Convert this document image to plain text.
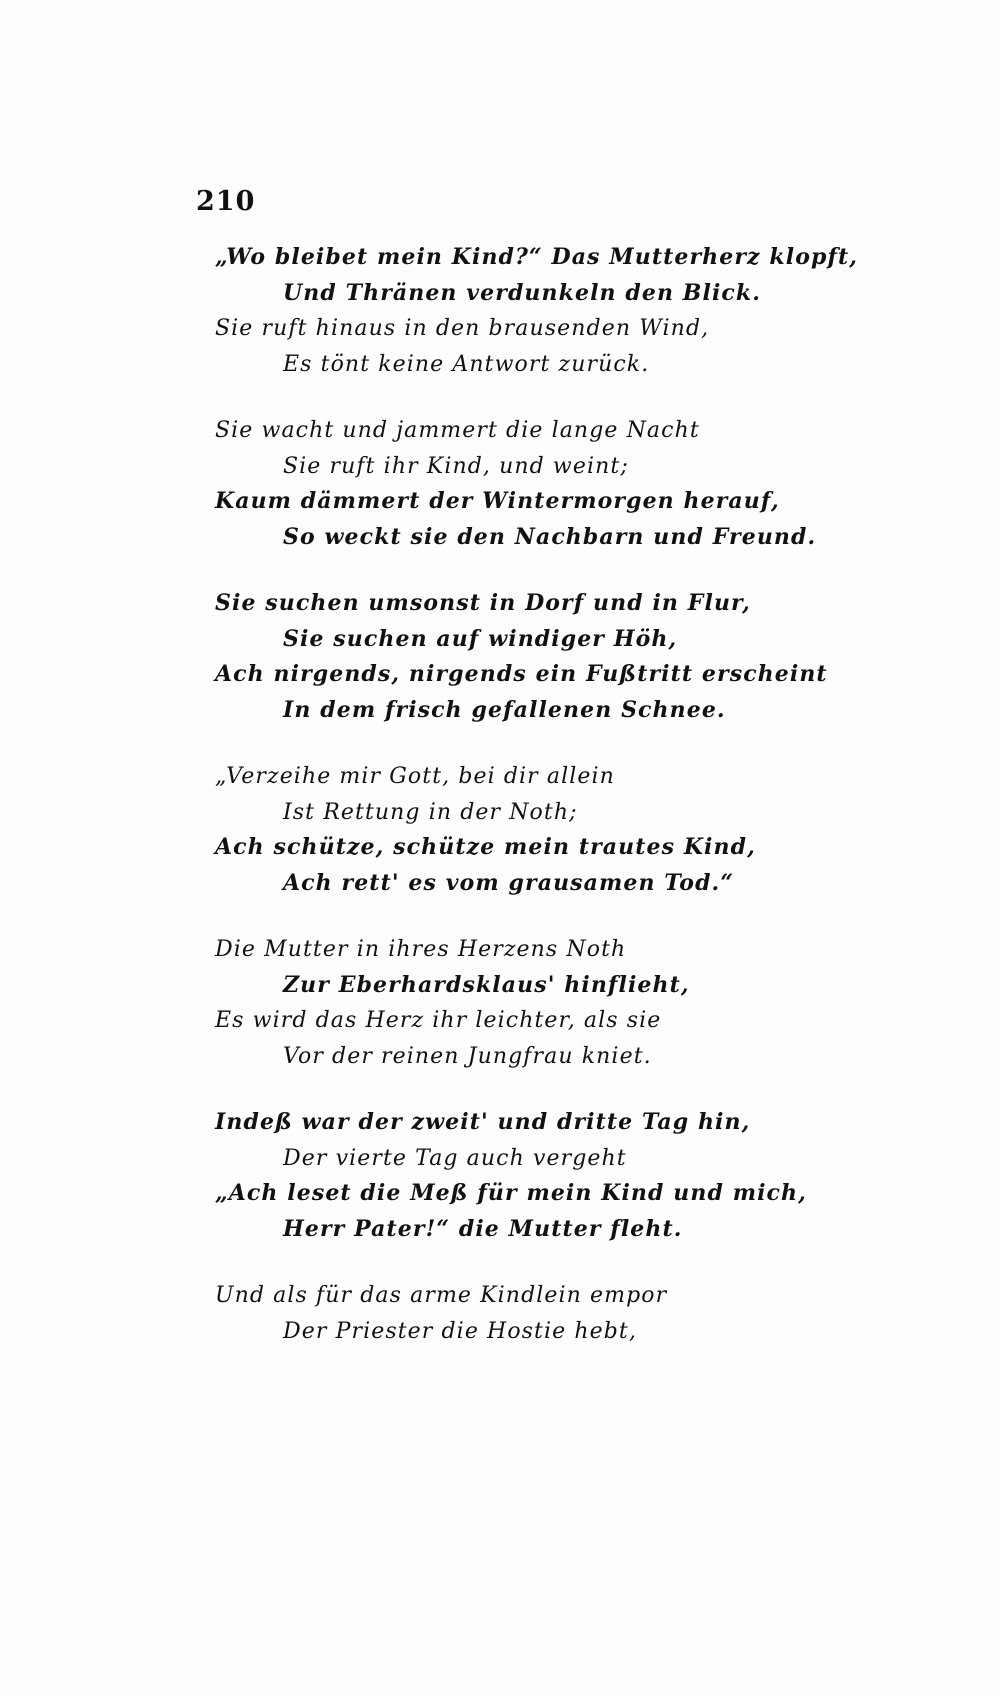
210
„Wo bleibet mein Kind?“ Das Mutterherz klopft,
Und Thränen verdunkeln den Blick.
Sie ruft hinaus in den brausenden Wind,
Es tönt keine Antwort zurück.
Sie wacht und jammert die lange Nacht
Sie ruft ihr Kind, und weint;
Kaum dämmert der Wintermorgen herauf,
So weckt sie den Nachbarn und Freund.
Sie suchen umsonst in Dorf und in Flur,
Sie suchen auf windiger Höh,
Ach nirgends, nirgends ein Fußtritt erscheint
In dem frisch gefallenen Schnee.
„Verzeihe mir Gott, bei dir allein
Ist Rettung in der Noth;
Ach schütze, schütze mein trautes Kind,
Ach rett' es vom grausamen Tod.“
Die Mutter in ihres Herzens Noth
Zur Eberhardsklaus' hinflieht,
Es wird das Herz ihr leichter, als sie
Vor der reinen Jungfrau kniet.
Indeß war der zweit' und dritte Tag hin,
Der vierte Tag auch vergeht
„Ach leset die Meß für mein Kind und mich,
Herr Pater!“ die Mutter fleht.
Und als für das arme Kindlein empor
Der Priester die Hostie hebt,
